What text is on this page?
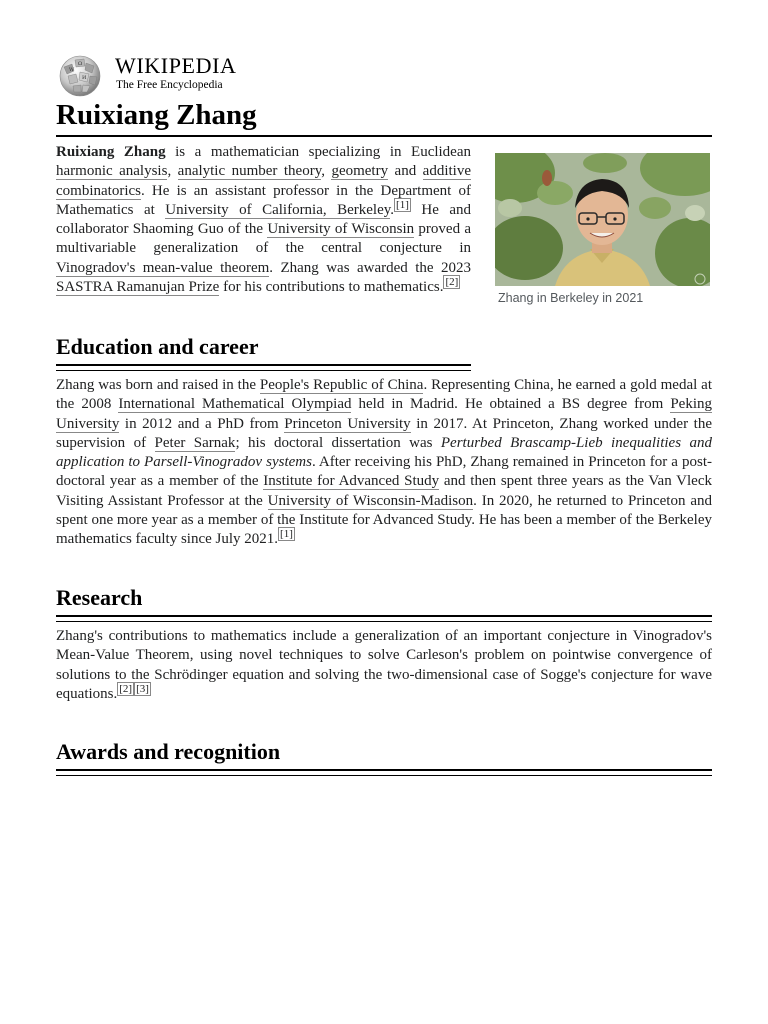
W
Ω
И WIKIPEDIA
The Free Encyclopedia
Ruixiang Zhang

Ruixiang Zhang is a mathematician specializing in Euclidean harmonic analysis, analytic number theory, geometry and additive combinatorics. He is an assistant professor in the Department of Mathematics at University of California, Berkeley. [1] He and collaborator Shaoming Guo of the University of Wisconsin proved a multivariable generalization of the central conjecture in Vinogradov's mean-value theorem. Zhang was awarded the 2023 SASTRA Ramanujan Prize for his contributions to mathematics. [2]

Zhang in Berkeley in 2021
Education and career

Zhang was born and raised in the People's Republic of China. Representing China, he earned a gold medal at the 2008 International Mathematical Olympiad held in Madrid. He obtained a BS degree from Peking University in 2012 and a PhD from Princeton University in 2017. At Princeton, Zhang worked under the supervision of Peter Sarnak; his doctoral dissertation was Perturbed Brascamp-Lieb inequalities and application to Parsell-Vinogradov systems. After receiving his PhD, Zhang remained in Princeton for a post-doctoral year as a member of the Institute for Advanced Study and then spent three years as the Van Vleck Visiting Assistant Professor at the University of Wisconsin-Madison. In 2020, he returned to Princeton and spent one more year as a member of the Institute for Advanced Study. He has been a member of the Berkeley mathematics faculty since July 2021. [1]

Research

Zhang's contributions to mathematics include a generalization of an important conjecture in Vinogradov's Mean-Value Theorem, using novel techniques to solve Carleson's problem on pointwise convergence of solutions to the Schrödinger equation and solving the two-dimensional case of Sogge's conjecture for wave equations. [2] [3]

Awards and recognition
